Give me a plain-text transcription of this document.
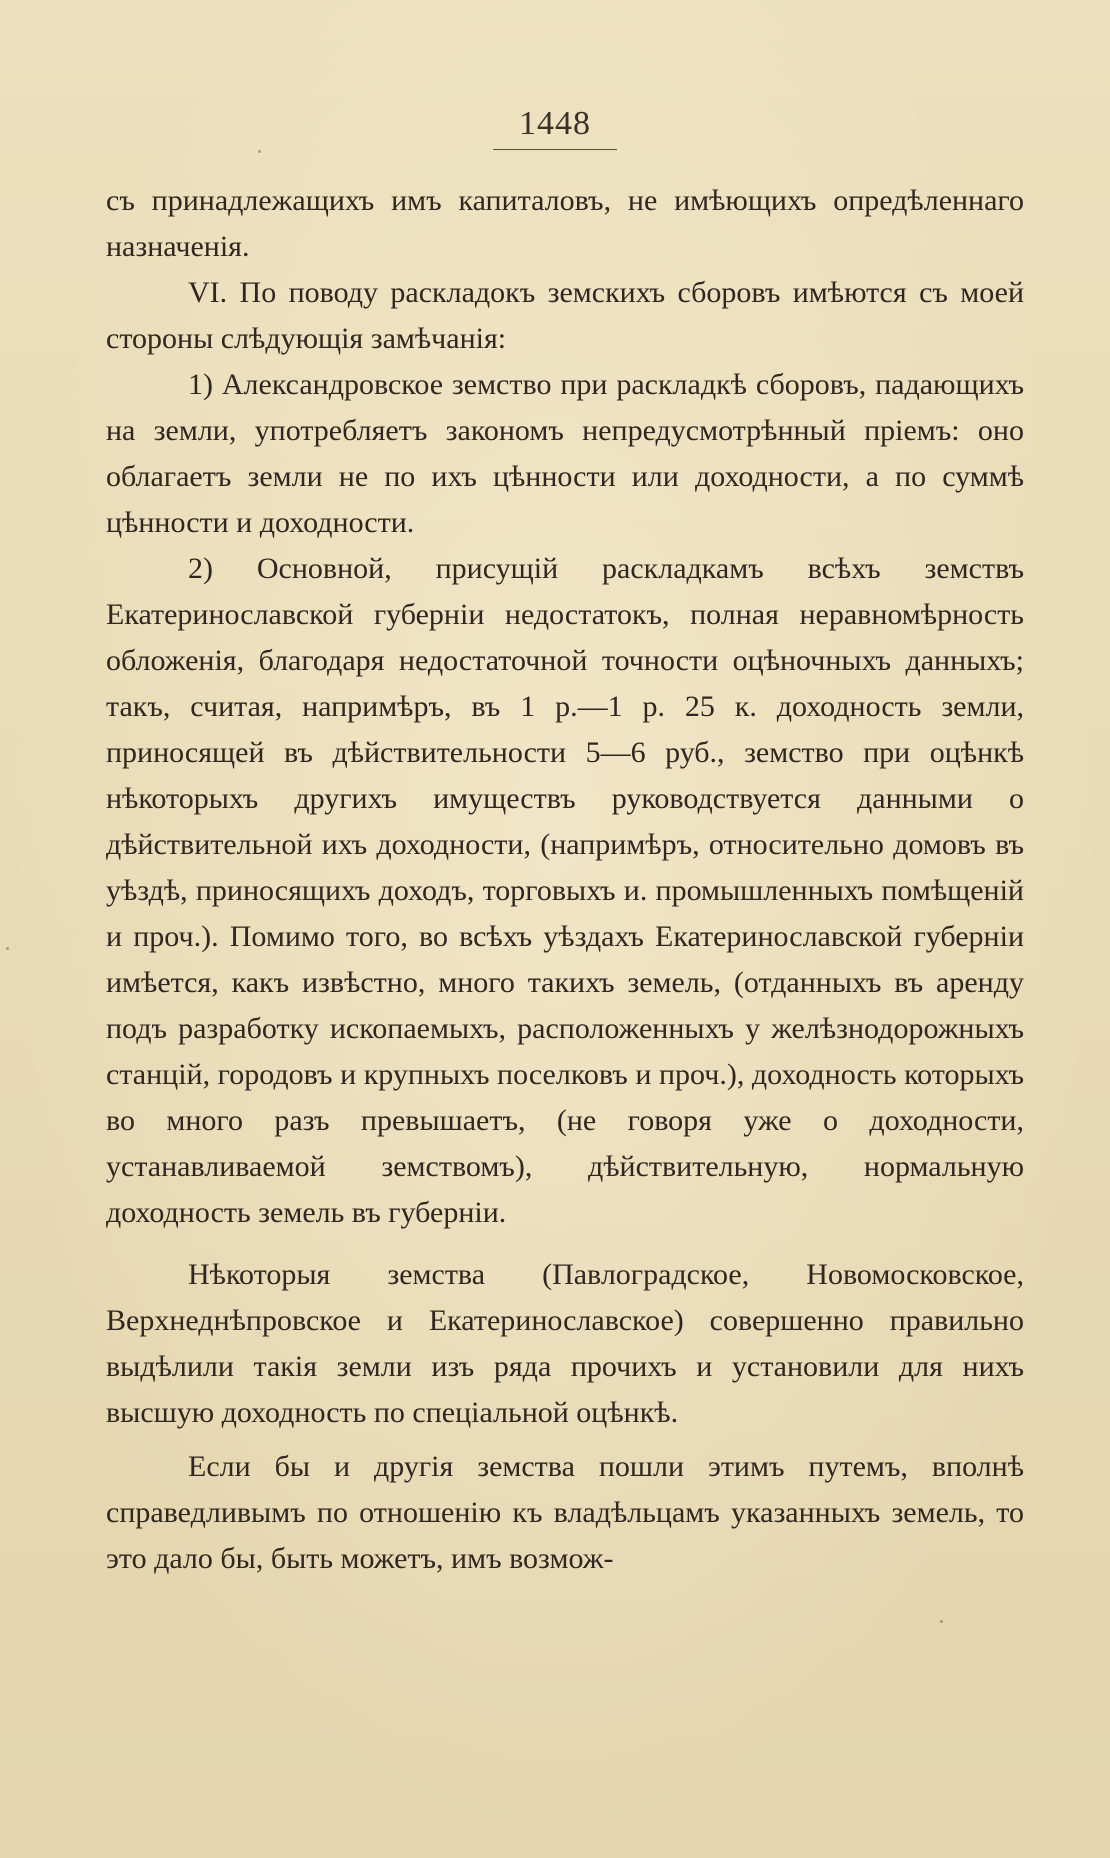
1448

съ принадлежащихъ имъ капиталовъ, не имѣющихъ опредѣленнаго назначенія.

VI. По поводу раскладокъ земскихъ сборовъ имѣются съ моей стороны слѣдующія замѣчанія:

1) Александровское земство при раскладкѣ сборовъ, падающихъ на земли, употребляетъ закономъ непредусмотрѣнный пріемъ: оно облагаетъ земли не по ихъ цѣнности или доходности, а по суммѣ цѣнности и доходности.

2) Основной, присущій раскладкамъ всѣхъ земствъ Екатеринославской губерніи недостатокъ, полная неравномѣрность обложенія, благодаря недостаточной точности оцѣночныхъ данныхъ; такъ, считая, напримѣръ, въ 1 р.—1 р. 25 к. доходность земли, приносящей въ дѣйствительности 5—6 руб., земство при оцѣнкѣ нѣкоторыхъ другихъ имуществъ руководствуется данными о дѣйствительной ихъ доходности, (напримѣръ, относительно домовъ въ уѣздѣ, приносящихъ доходъ, торговыхъ и. промышленныхъ помѣщеній и проч.). Помимо того, во всѣхъ уѣздахъ Екатеринославской губерніи имѣется, какъ извѣстно, много такихъ земель, (отданныхъ въ аренду подъ разработку ископаемыхъ, расположенныхъ у желѣзнодорожныхъ станцій, городовъ и крупныхъ поселковъ и проч.), доходность которыхъ во много разъ превышаетъ, (не говоря уже о доходности, устанавливаемой земствомъ), дѣйствительную, нормальную доходность земель въ губерніи.

Нѣкоторыя земства (Павлоградское, Новомосковское, Верхнеднѣпровское и Екатеринославское) совершенно правильно выдѣлили такія земли изъ ряда прочихъ и установили для нихъ высшую доходность по спеціальной оцѣнкѣ.

Если бы и другія земства пошли этимъ путемъ, вполнѣ справедливымъ по отношенію къ владѣльцамъ указанныхъ земель, то это дало бы, быть можетъ, имъ возмож-
